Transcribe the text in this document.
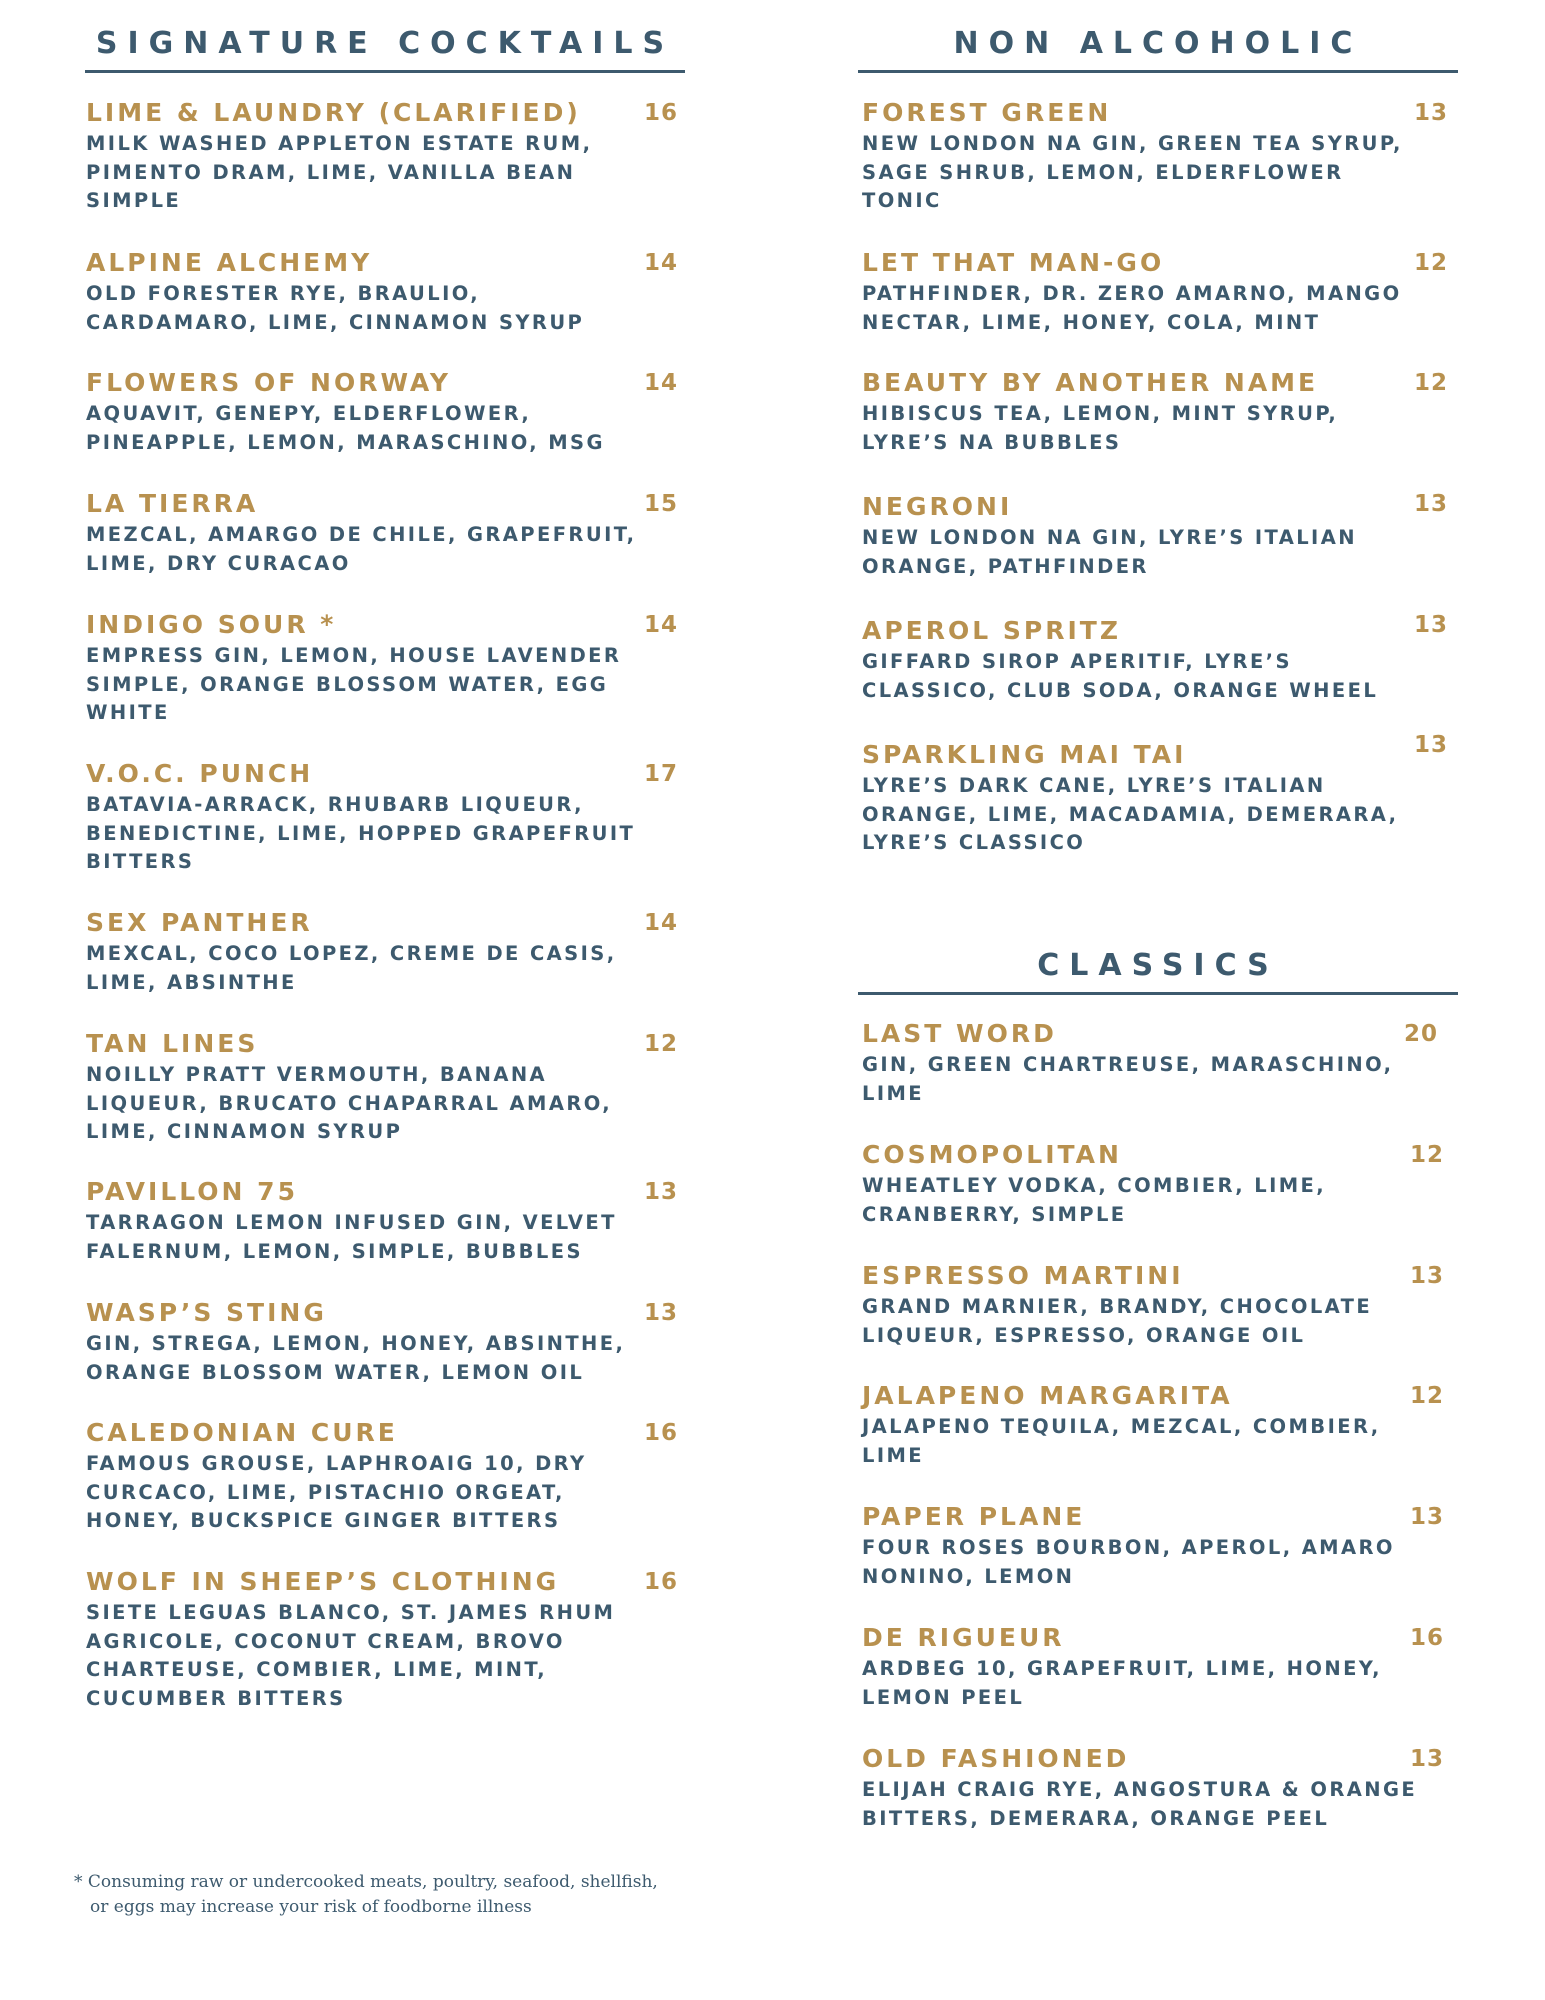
SIGNATURE COCKTAILS
LIME & LAUNDRY (CLARIFIED)	16
MILK WASHED APPLETON ESTATE RUM, PIMENTO DRAM, LIME, VANILLA BEAN SIMPLE
ALPINE ALCHEMY	14
OLD FORESTER RYE, BRAULIO, CARDAMARO, LIME, CINNAMON SYRUP
FLOWERS OF NORWAY	14
AQUAVIT, GENEPY, ELDERFLOWER, PINEAPPLE, LEMON, MARASCHINO, MSG
LA TIERRA	15
MEZCAL, AMARGO DE CHILE, GRAPEFRUIT, LIME, DRY CURACAO
INDIGO SOUR *	14
EMPRESS GIN, LEMON, HOUSE LAVENDER SIMPLE, ORANGE BLOSSOM WATER, EGG WHITE
V.O.C. PUNCH	17
BATAVIA-ARRACK, RHUBARB LIQUEUR, BENEDICTINE, LIME, HOPPED GRAPEFRUIT BITTERS
SEX PANTHER	14
MEXCAL, COCO LOPEZ, CREME DE CASIS, LIME, ABSINTHE
TAN LINES	12
NOILLY PRATT VERMOUTH, BANANA LIQUEUR, BRUCATO CHAPARRAL AMARO, LIME, CINNAMON SYRUP
PAVILLON 75	13
TARRAGON LEMON INFUSED GIN, VELVET FALERNUM, LEMON, SIMPLE, BUBBLES
WASP’S STING	13
GIN, STREGA, LEMON, HONEY, ABSINTHE, ORANGE BLOSSOM WATER, LEMON OIL
CALEDONIAN CURE	16
FAMOUS GROUSE, LAPHROAIG 10, DRY CURCACO, LIME, PISTACHIO ORGEAT, HONEY, BUCKSPICE GINGER BITTERS
WOLF IN SHEEP’S CLOTHING	16
SIETE LEGUAS BLANCO, ST. JAMES RHUM AGRICOLE, COCONUT CREAM, BROVO CHARTEUSE, COMBIER, LIME, MINT, CUCUMBER BITTERS
NON ALCOHOLIC
FOREST GREEN	13
NEW LONDON NA GIN, GREEN TEA SYRUP, SAGE SHRUB, LEMON, ELDERFLOWER TONIC
LET THAT MAN-GO	12
PATHFINDER, DR. ZERO AMARNO, MANGO NECTAR, LIME, HONEY, COLA, MINT
BEAUTY BY ANOTHER NAME	12
HIBISCUS TEA, LEMON, MINT SYRUP, LYRE’S NA BUBBLES
NEGRONI	13
NEW LONDON NA GIN, LYRE’S ITALIAN ORANGE, PATHFINDER
APEROL SPRITZ	13
GIFFARD SIROP APERITIF, LYRE’S CLASSICO, CLUB SODA, ORANGE WHEEL
SPARKLING MAI TAI	13
LYRE’S DARK CANE, LYRE’S ITALIAN ORANGE, LIME, MACADAMIA, DEMERARA, LYRE’S CLASSICO
CLASSICS
LAST WORD	20
GIN, GREEN CHARTREUSE, MARASCHINO, LIME
COSMOPOLITAN	12
WHEATLEY VODKA, COMBIER, LIME, CRANBERRY, SIMPLE
ESPRESSO MARTINI	13
GRAND MARNIER, BRANDY, CHOCOLATE LIQUEUR, ESPRESSO, ORANGE OIL
JALAPENO MARGARITA	12
JALAPENO TEQUILA, MEZCAL, COMBIER, LIME
PAPER PLANE	13
FOUR ROSES BOURBON, APEROL, AMARO NONINO, LEMON
DE RIGUEUR	16
ARDBEG 10, GRAPEFRUIT, LIME, HONEY, LEMON PEEL
OLD FASHIONED	13
ELIJAH CRAIG RYE, ANGOSTURA & ORANGE BITTERS, DEMERARA, ORANGE PEEL

* Consuming raw or undercooked meats, poultry, seafood, shellfish,
or eggs may increase your risk of foodborne illness
